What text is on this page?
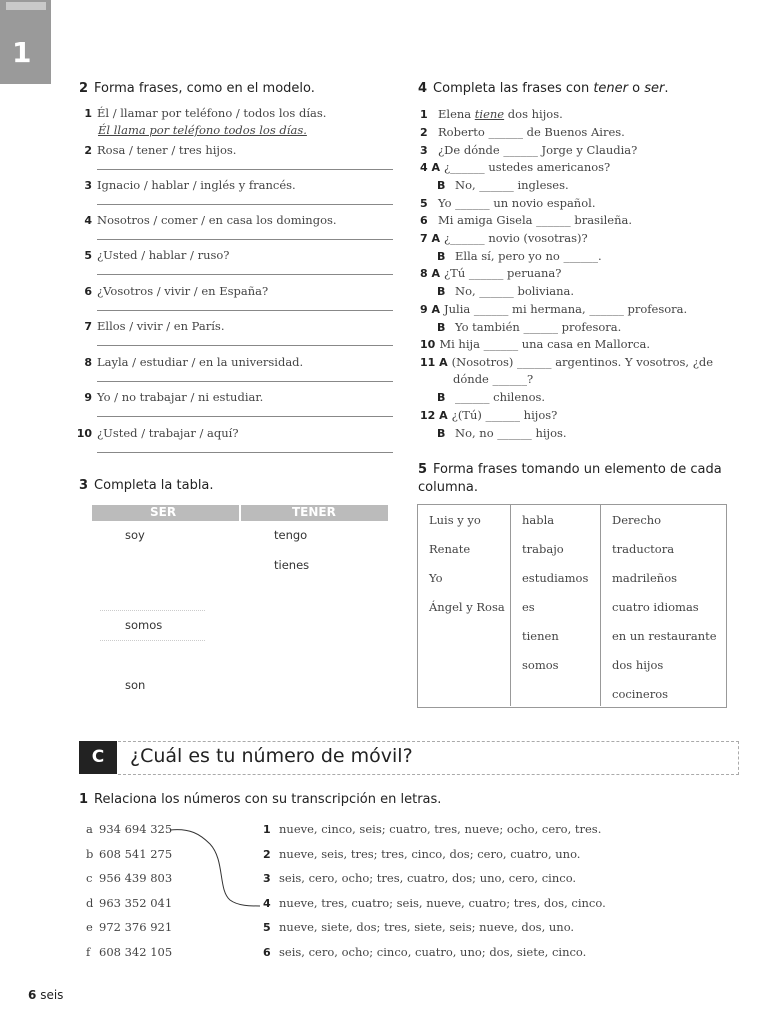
1
2 Forma frases, como en el modelo.
1 Él / llamar por teléfono / todos los días.
Él llama por teléfono todos los días.
2 Rosa / tener / tres hijos.
3 Ignacio / hablar / inglés y francés.
4 Nosotros / comer / en casa los domingos.
5 ¿Usted / hablar / ruso?
6 ¿Vosotros / vivir / en España?
7 Ellos / vivir / en París.
8 Layla / estudiar / en la universidad.
9 Yo / no trabajar / ni estudiar.
10 ¿Usted / trabajar / aquí?
3 Completa la tabla.
SER	TENER
soy
somos
son
tengo
tienes
4 Completa las frases con tener o ser.
1 Elena tiene dos hijos.
2 Roberto ______ de Buenos Aires.
3 ¿De dónde ______ Jorge y Claudia?
4 A ¿______ ustedes americanos?
B No, ______ ingleses.
5 Yo ______ un novio español.
6 Mi amiga Gisela ______ brasileña.
7 A ¿______ novio (vosotras)?
B Ella sí, pero yo no ______.
8 A ¿Tú ______ peruana?
B No, ______ boliviana.
9 A Julia ______ mi hermana, ______ profesora.
B Yo también ______ profesora.
10 Mi hija ______ una casa en Mallorca.
11 A (Nosotros) ______ argentinos. Y vosotros, ¿de
dónde ______?
B ______ chilenos.
12 A ¿(Tú) ______ hijos?
B No, no ______ hijos.
5 Forma frases tomando un elemento de cada
columna.
Luis y yo
Renate
Yo
Ángel y Rosa
habla
trabajo
estudiamos
es
tienen
somos
Derecho
traductora
madrileños
cuatro idiomas
en un restaurante
dos hijos
cocineros
C	¿Cuál es tu número de móvil?
1 Relaciona los números con su transcripción en letras.
a 934 694 325
b 608 541 275
c 956 439 803
d 963 352 041
e 972 376 921
f 608 342 105
1 nueve, cinco, seis; cuatro, tres, nueve; ocho, cero, tres.
2 nueve, seis, tres; tres, cinco, dos; cero, cuatro, uno.
3 seis, cero, ocho; tres, cuatro, dos; uno, cero, cinco.
4 nueve, tres, cuatro; seis, nueve, cuatro; tres, dos, cinco.
5 nueve, siete, dos; tres, siete, seis; nueve, dos, uno.
6 seis, cero, ocho; cinco, cuatro, uno; dos, siete, cinco.
6 seis
